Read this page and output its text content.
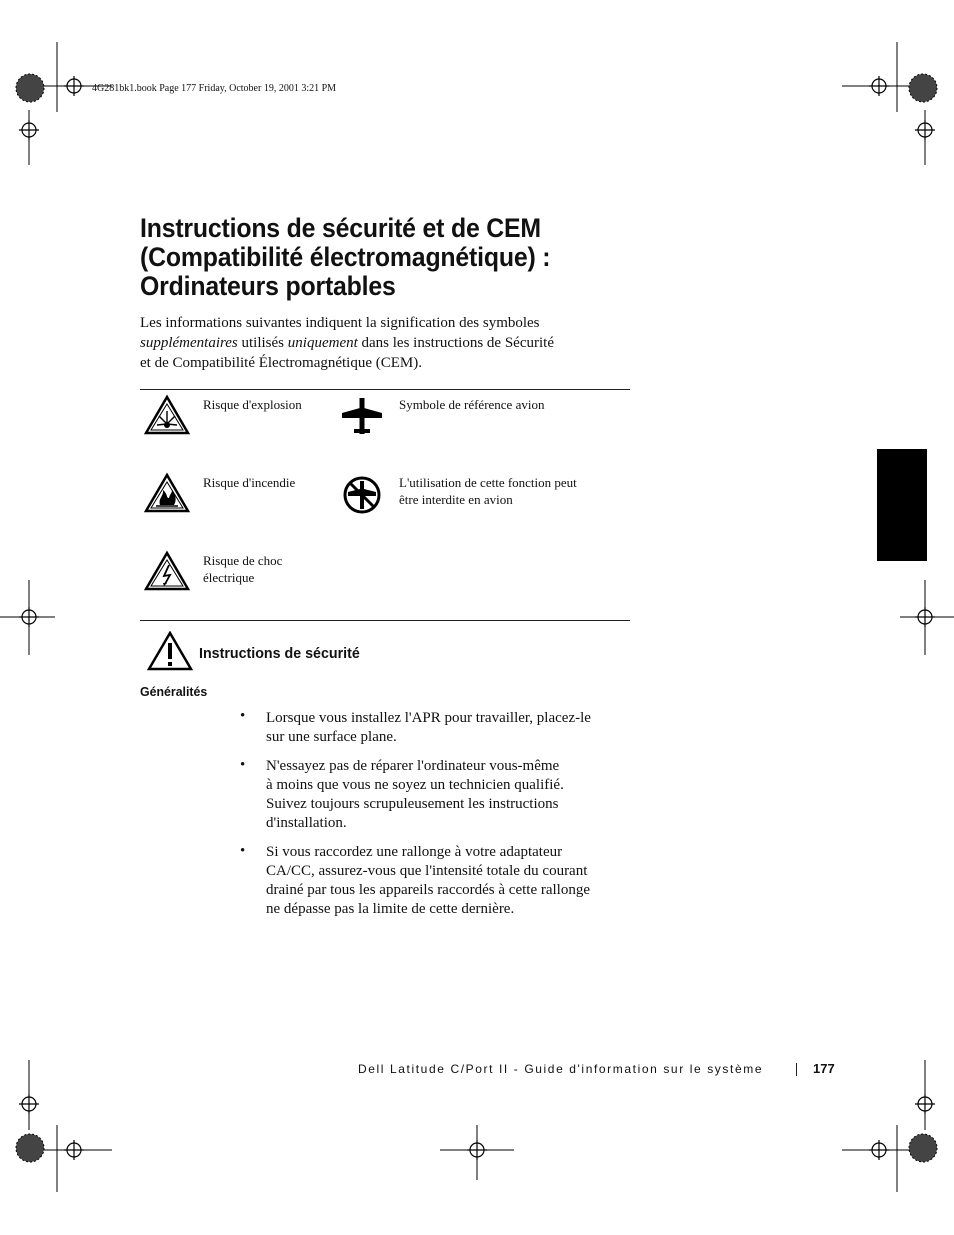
4G281bk1.book Page 177 Friday, October 19, 2001 3:21 PM
Instructions de sécurité et de CEM
(Compatibilité électromagnétique) :
Ordinateurs portables
Les informations suivantes indiquent la signification des symboles
supplémentaires utilisés uniquement dans les instructions de Sécurité
et de Compatibilité Électromagnétique (CEM).
Risque d'explosion
Risque d'incendie
Risque de choc
électrique
Symbole de référence avion
L'utilisation de cette fonction peut
être interdite en avion
Instructions de sécurité
Généralités
• Lorsque vous installez l'APR pour travailler, placez-le
sur une surface plane.
• N'essayez pas de réparer l'ordinateur vous-même
à moins que vous ne soyez un technicien qualifié.
Suivez toujours scrupuleusement les instructions
d'installation.
• Si vous raccordez une rallonge à votre adaptateur
CA/CC, assurez-vous que l'intensité totale du courant
drainé par tous les appareils raccordés à cette rallonge
ne dépasse pas la limite de cette dernière.
Dell Latitude C/Port II - Guide d'information sur le système	177
